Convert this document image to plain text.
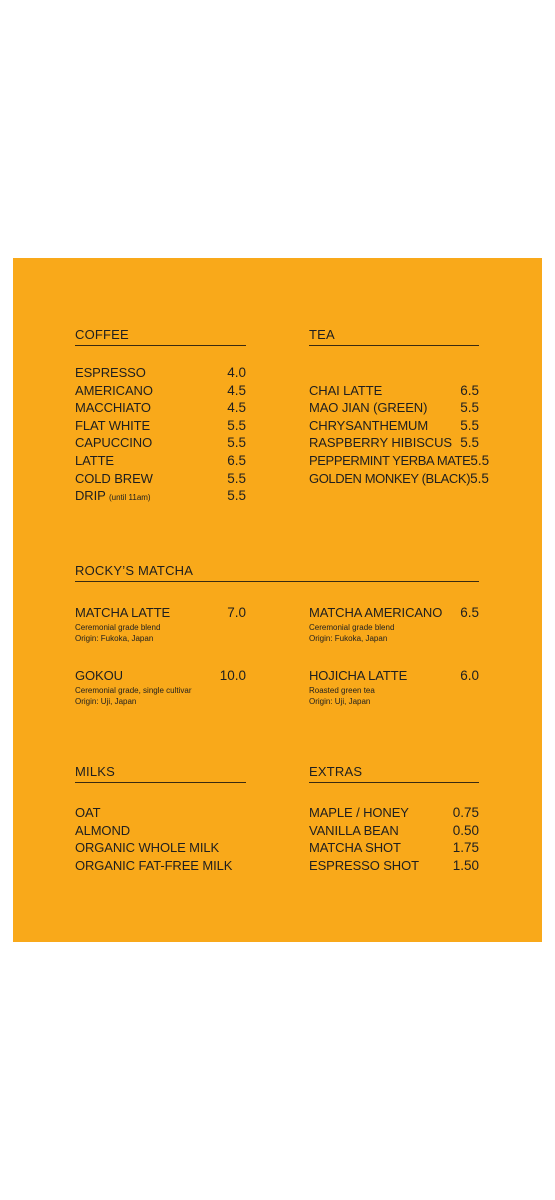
COFFEE
ESPRESSO	4.0
AMERICANO	4.5
MACCHIATO	4.5
FLAT WHITE	5.5
CAPUCCINO	5.5
LATTE	6.5
COLD BREW	5.5
DRIP (until 11am)	5.5
TEA
CHAI LATTE	6.5
MAO JIAN (GREEN) 5.5
CHRYSANTHEMUM 5.5
RASPBERRY HIBISCUS 5.5
PEPPERMINT YERBA MATE 5.5
GOLDEN MONKEY (BLACK) 5.5
ROCKY’S MATCHA
MATCHA LATTE	7.0
Ceremonial grade blend
Origin: Fukoka, Japan
MATCHA AMERICANO 6.5
Ceremonial grade blend
Origin: Fukoka, Japan
GOKOU	10.0
Ceremonial grade, single cultivar
Origin: Uji, Japan
HOJICHA LATTE	6.0
Roasted green tea
Origin: Uji, Japan
MILKS
OAT
ALMOND
ORGANIC WHOLE MILK
ORGANIC FAT-FREE MILK
EXTRAS
MAPLE / HONEY	0.75
VANILLA BEAN	0.50
MATCHA SHOT	1.75
ESPRESSO SHOT	1.50
